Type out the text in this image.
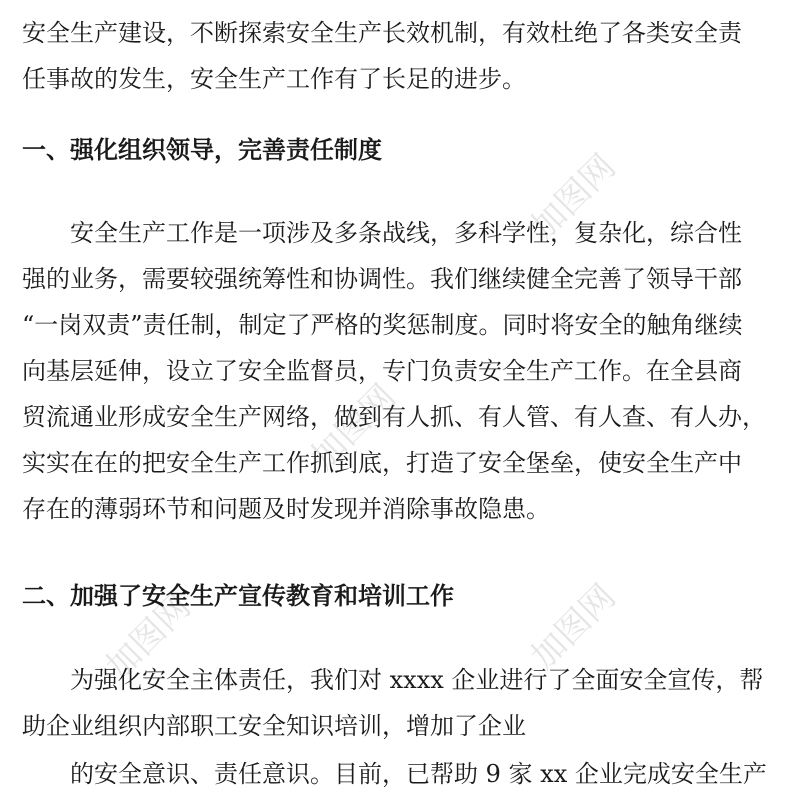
加图网
加图网
加图网
加图网
安全生产建设，不断探索安全生产长效机制，有效杜绝了各类安全责
任事故的发生，安全生产工作有了长足的进步。
一、强化组织领导，完善责任制度
安全生产工作是一项涉及多条战线，多科学性，复杂化，综合性
强的业务，需要较强统筹性和协调性。我们继续健全完善了领导干部
“一岗双责”责任制，制定了严格的奖惩制度。同时将安全的触角继续
向基层延伸，设立了安全监督员，专门负责安全生产工作。在全县商
贸流通业形成安全生产网络，做到有人抓、有人管、有人查、有人办，
实实在在的把安全生产工作抓到底，打造了安全堡垒，使安全生产中
存在的薄弱环节和问题及时发现并消除事故隐患。
二、加强了安全生产宣传教育和培训工作
为强化安全主体责任，我们对 xxxx 企业进行了全面安全宣传，帮
助企业组织内部职工安全知识培训，增加了企业
的安全意识、责任意识。目前，已帮助 9 家 xx 企业完成安全生产
